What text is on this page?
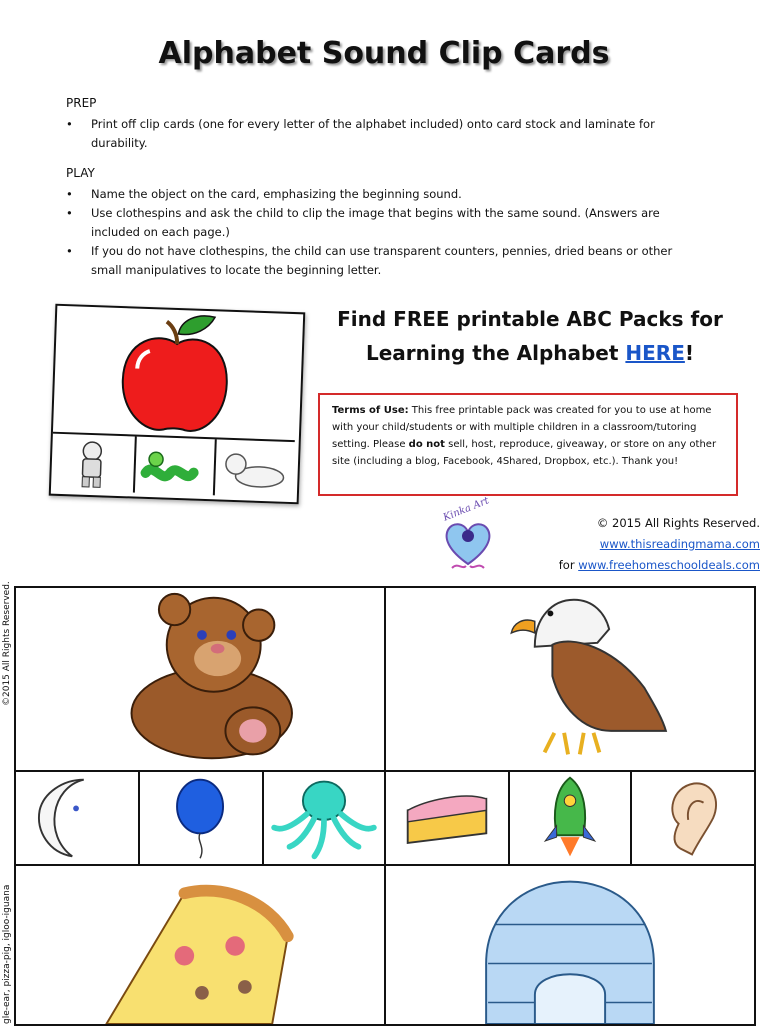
Alphabet Sound Clip Cards
PREP
• Print off clip cards (one for every letter of the alphabet included) onto card stock and laminate for durability.
PLAY
• Name the object on the card, emphasizing the beginning sound.
• Use clothespins and ask the child to clip the image that begins with the same sound. (Answers are included on each page.)
• If you do not have clothespins, the child can use transparent counters, pennies, dried beans or other small manipulatives to locate the beginning letter.
Find FREE printable ABC Packs for
Learning the Alphabet HERE!
Terms of Use: This free printable pack was created for you to use at home with your child/students or with multiple children in a classroom/tutoring setting. Please do not sell, host, reproduce, giveaway, or store on any other site (including a blog, Facebook, 4Shared, Dropbox, etc.). Thank you!
Kinka Art	© 2015 All Rights Reserved.
www.thisreadingmama.com
for www.freehomeschooldeals.com
©2015 All Rights Reserved.
gle-ear, pizza-pig, igloo-iguana
